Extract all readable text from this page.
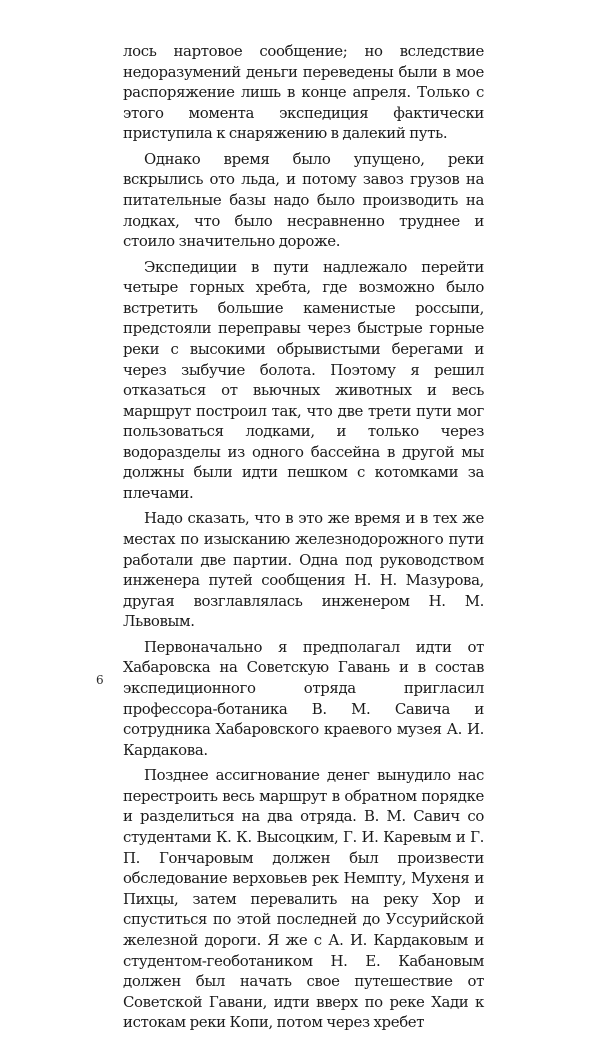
лось нартовое сообщение; но вследствие недоразумений деньги переведены были в мое распоряжение лишь в конце апреля. Только с этого момента экспедиция фактически приступила к снаряжению в далекий путь.

Однако время было упущено, реки вскрылись ото льда, и потому завоз грузов на питательные базы надо было производить на лодках, что было несравненно труднее и стоило значительно дороже.

Экспедиции в пути надлежало перейти четыре горных хребта, где возможно было встретить большие каменистые россыпи, предстояли переправы через быстрые горные реки с высокими обрывистыми берегами и через зыбучие болота. Поэтому я решил отказаться от вьючных животных и весь маршрут построил так, что две трети пути мог пользоваться лодками, и только через водоразделы из одного бассейна в другой мы должны были идти пешком с котомками за плечами.

Надо сказать, что в это же время и в тех же местах по изысканию железнодорожного пути работали две партии. Одна под руководством инженера путей сообщения Н. Н. Мазурова, другая возглавлялась инженером Н. М. Львовым.

Первоначально я предполагал идти от Хабаровска на Советскую Гавань и в состав экспедиционного отряда пригласил профессора-ботаника В. М. Савича и сотрудника Хабаровского краевого музея А. И. Кардакова.

Позднее ассигнование денег вынудило нас перестроить весь маршрут в обратном порядке и разделиться на два отряда. В. М. Савич со студентами К. К. Высоцким, Г. И. Каревым и Г. П. Гончаровым должен был произвести обследование верховьев рек Немпту, Мухеня и Пихцы, затем перевалить на реку Хор и спуститься по этой последней до Уссурийской железной дороги. Я же с А. И. Кардаковым и студентом-геоботаником Н. Е. Кабановым должен был начать свое путешествие от Советской Гавани, идти вверх по реке Хади к истокам реки Копи, потом через хребет

6
